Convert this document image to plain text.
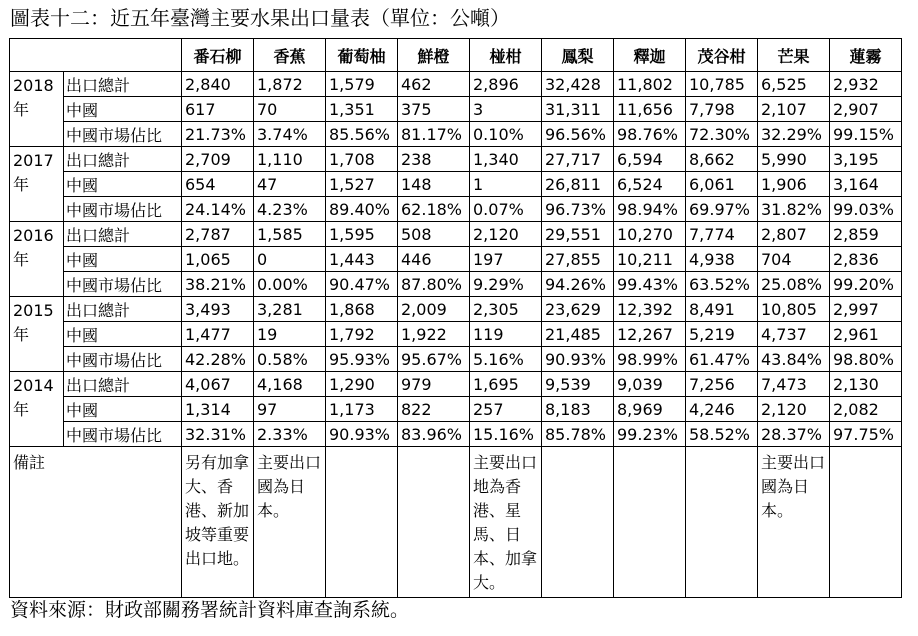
圖表十二：近五年臺灣主要水果出口量表（單位：公噸）
		番石柳	香蕉	葡萄柚	鮮橙	椪柑	鳳梨	釋迦	茂谷柑	芒果	蓮霧
2018年	出口總計	2,840	1,872	1,579	462	2,896	32,428	11,802	10,785	6,525	2,932
	中國	617	70	1,351	375	3	31,311	11,656	7,798	2,107	2,907
	中國市場佔比	21.73%	3.74%	85.56%	81.17%	0.10%	96.56%	98.76%	72.30%	32.29%	99.15%
2017年	出口總計	2,709	1,110	1,708	238	1,340	27,717	6,594	8,662	5,990	3,195
	中國	654	47	1,527	148	1	26,811	6,524	6,061	1,906	3,164
	中國市場佔比	24.14%	4.23%	89.40%	62.18%	0.07%	96.73%	98.94%	69.97%	31.82%	99.03%
2016年	出口總計	2,787	1,585	1,595	508	2,120	29,551	10,270	7,774	2,807	2,859
	中國	1,065	0	1,443	446	197	27,855	10,211	4,938	704	2,836
	中國市場佔比	38.21%	0.00%	90.47%	87.80%	9.29%	94.26%	99.43%	63.52%	25.08%	99.20%
2015年	出口總計	3,493	3,281	1,868	2,009	2,305	23,629	12,392	8,491	10,805	2,997
	中國	1,477	19	1,792	1,922	119	21,485	12,267	5,219	4,737	2,961
	中國市場佔比	42.28%	0.58%	95.93%	95.67%	5.16%	90.93%	98.99%	61.47%	43.84%	98.80%
2014年	出口總計	4,067	4,168	1,290	979	1,695	9,539	9,039	7,256	7,473	2,130
	中國	1,314	97	1,173	822	257	8,183	8,969	4,246	2,120	2,082
	中國市場佔比	32.31%	2.33%	90.93%	83.96%	15.16%	85.78%	99.23%	58.52%	28.37%	97.75%
備註		另有加拿大、香港、新加坡等重要出口地。	主要出口國為日本。			主要出口地為香港、星馬、日本、加拿大。				主要出口國為日本。	
資料來源：財政部關務署統計資料庫查詢系統。
